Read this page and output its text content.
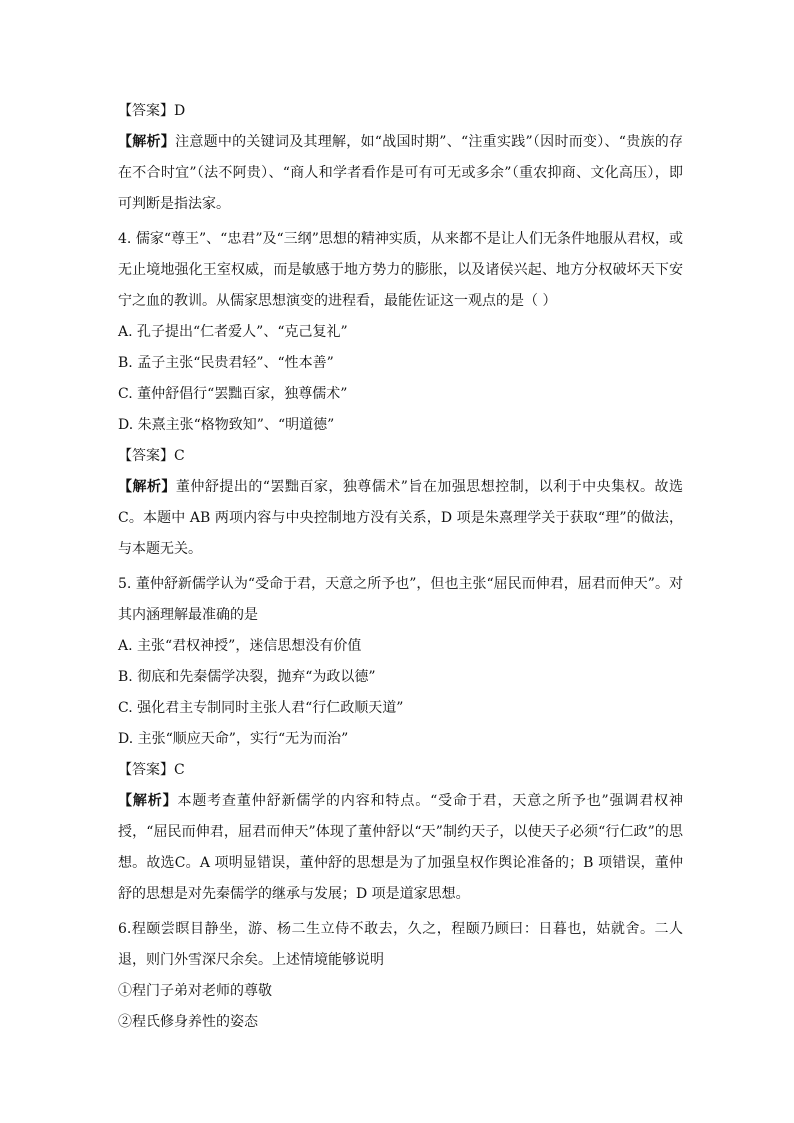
【答案】D
【解析】注意题中的关键词及其理解，如“战国时期”、“注重实践”（因时而变）、“贵族的存在不合时宜”（法不阿贵）、“商人和学者看作是可有可无或多余”（重农抑商、文化高压），即可判断是指法家。
4. 儒家“尊王”、“忠君”及“三纲”思想的精神实质，从来都不是让人们无条件地服从君权，或无止境地强化王室权威，而是敏感于地方势力的膨胀，以及诸侯兴起、地方分权破坏天下安宁之血的教训。从儒家思想演变的进程看，最能佐证这一观点的是（ ）
A. 孔子提出“仁者爱人”、“克己复礼”
B. 孟子主张“民贵君轻”、“性本善”
C. 董仲舒倡行“罢黜百家，独尊儒术”
D. 朱熹主张“格物致知”、“明道德”
【答案】C
【解析】董仲舒提出的“罢黜百家，独尊儒术”旨在加强思想控制，以利于中央集权。故选C。本题中 AB 两项内容与中央控制地方没有关系，D 项是朱熹理学关于获取“理”的做法，与本题无关。
5. 董仲舒新儒学认为“受命于君，天意之所予也”，但也主张“屈民而伸君，屈君而伸天”。对其内涵理解最准确的是
A. 主张“君权神授”，迷信思想没有价值
B. 彻底和先秦儒学决裂，抛弃“为政以德”
C. 强化君主专制同时主张人君“行仁政顺天道”
D. 主张“顺应天命”，实行“无为而治”
【答案】C
【解析】本题考查董仲舒新儒学的内容和特点。“受命于君，天意之所予也”强调君权神授，“屈民而伸君，屈君而伸天”体现了董仲舒以“天”制约天子，以使天子必须“行仁政”的思想。故选C。A 项明显错误，董仲舒的思想是为了加强皇权作舆论准备的；B 项错误，董仲舒的思想是对先秦儒学的继承与发展；D 项是道家思想。
6.程颐尝瞑目静坐，游、杨二生立侍不敢去，久之，程颐乃顾曰：日暮也，姑就舍。二人退，则门外雪深尺余矣。上述情境能够说明
①程门子弟对老师的尊敬
②程氏修身养性的姿态
